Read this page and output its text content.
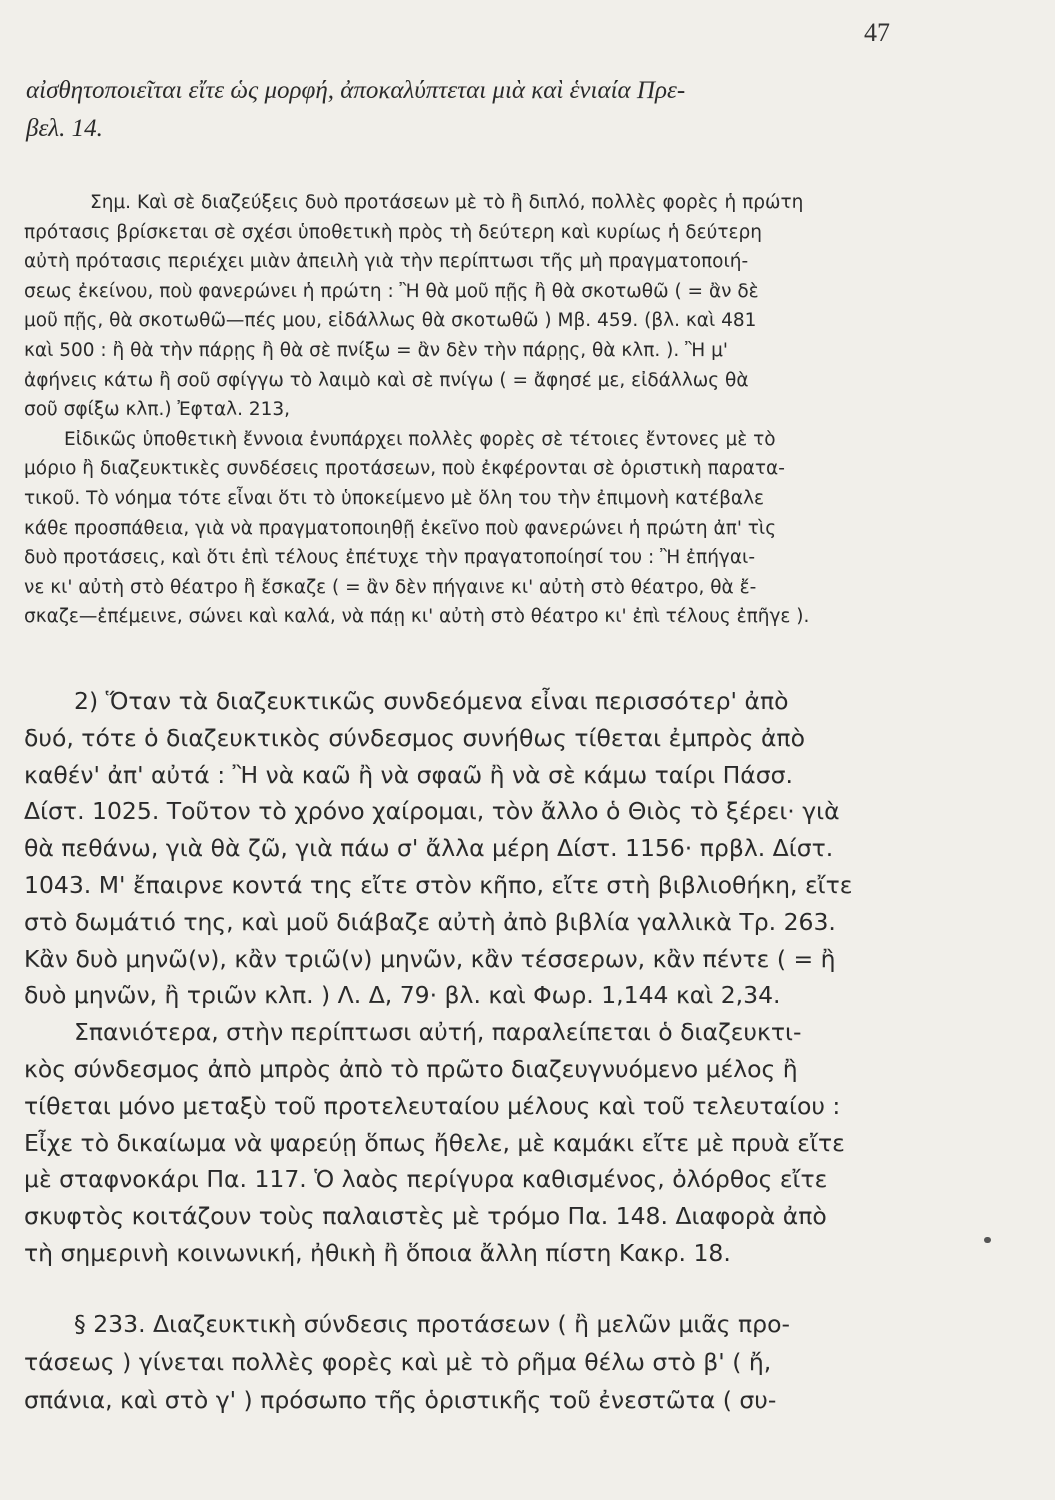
47
αἰσθητοποιεῖται εἴτε ὡς μορφή, ἀποκαλύπτεται μιὰ καὶ ἑνιαία Πρε-
βελ. 14.
Σημ. Καὶ σὲ διαζεύξεις δυὸ προτάσεων μὲ τὸ ἢ διπλό, πολλὲς φορὲς ἡ πρώτη
πρότασις βρίσκεται σὲ σχέσι ὑποθετικὴ πρὸς τὴ δεύτερη καὶ κυρίως ἡ δεύτερη
αὐτὴ πρότασις περιέχει μιὰν ἀπειλὴ γιὰ τὴν περίπτωσι τῆς μὴ πραγματοποιή-
σεως ἐκείνου, ποὺ φανερώνει ἡ πρώτη : Ἢ θὰ μοῦ πῇς ἢ θὰ σκοτωθῶ ( = ἂν δὲ
μοῦ πῇς, θὰ σκοτωθῶ—πές μου, εἰδάλλως θὰ σκοτωθῶ ) Μβ. 459. (βλ. καὶ 481
καὶ 500 : ἢ θὰ τὴν πάρῃς ἢ θὰ σὲ πνίξω = ἂν δὲν τὴν πάρῃς, θὰ κλπ. ). Ἢ μ'
ἀφήνεις κάτω ἢ σοῦ σφίγγω τὸ λαιμὸ καὶ σὲ πνίγω ( = ἄφησέ με, εἰδάλλως θὰ
σοῦ σφίξω κλπ.) Ἐφταλ. 213,
Εἰδικῶς ὑποθετικὴ ἔννοια ἐνυπάρχει πολλὲς φορὲς σὲ τέτοιες ἔντονες μὲ τὸ
μόριο ἢ διαζευκτικὲς συνδέσεις προτάσεων, ποὺ ἐκφέρονται σὲ ὁριστικὴ παρατα-
τικοῦ. Τὸ νόημα τότε εἶναι ὅτι τὸ ὑποκείμενο μὲ ὅλη του τὴν ἐπιμονὴ κατέβαλε
κάθε προσπάθεια, γιὰ νὰ πραγματοποιηθῇ ἐκεῖνο ποὺ φανερώνει ἡ πρώτη ἀπ' τὶς
δυὸ προτάσεις, καὶ ὅτι ἐπὶ τέλους ἐπέτυχε τὴν πραγατοποίησί του : Ἢ ἐπήγαι-
νε κι' αὐτὴ στὸ θέατρο ἢ ἔσκαζε ( = ἂν δὲν πήγαινε κι' αὐτὴ στὸ θέατρο, θὰ ἔ-
σκαζε—ἐπέμεινε, σώνει καὶ καλά, νὰ πάῃ κι' αὐτὴ στὸ θέατρο κι' ἐπὶ τέλους ἐπῆγε ).
2) Ὅταν τὰ διαζευκτικῶς συνδεόμενα εἶναι περισσότερ' ἀπὸ
δυό, τότε ὁ διαζευκτικὸς σύνδεσμος συνήθως τίθεται ἐμπρὸς ἀπὸ
καθέν' ἀπ' αὐτά : Ἢ νὰ καῶ ἢ νὰ σφαῶ ἢ νὰ σὲ κάμω ταίρι Πάσσ.
Δίστ. 1025. Τοῦτον τὸ χρόνο χαίρομαι, τὸν ἄλλο ὁ Θιὸς τὸ ξέρει· γιὰ
θὰ πεθάνω, γιὰ θὰ ζῶ, γιὰ πάω σ' ἄλλα μέρη Δίστ. 1156· πρβλ. Δίστ.
1043. Μ' ἔπαιρνε κοντά της εἴτε στὸν κῆπο, εἴτε στὴ βιβλιοθήκη, εἴτε
στὸ δωμάτιό της, καὶ μοῦ διάβαζε αὐτὴ ἀπὸ βιβλία γαλλικὰ Τρ. 263.
Κἂν δυὸ μηνῶ(ν), κἂν τριῶ(ν) μηνῶν, κἂν τέσσερων, κἂν πέντε ( = ἢ
δυὸ μηνῶν, ἢ τριῶν κλπ. ) Λ. Δ, 79· βλ. καὶ Φωρ. 1,144 καὶ 2,34.
Σπανιότερα, στὴν περίπτωσι αὐτή, παραλείπεται ὁ διαζευκτι-
κὸς σύνδεσμος ἀπὸ μπρὸς ἀπὸ τὸ πρῶτο διαζευγνυόμενο μέλος ἢ
τίθεται μόνο μεταξὺ τοῦ προτελευταίου μέλους καὶ τοῦ τελευταίου :
Εἶχε τὸ δικαίωμα νὰ ψαρεύῃ ὅπως ἤθελε, μὲ καμάκι εἴτε μὲ πρυὰ εἴτε
μὲ σταφνοκάρι Πα. 117. Ὁ λαὸς περίγυρα καθισμένος, ὀλόρθος εἴτε
σκυφτὸς κοιτάζουν τοὺς παλαιστὲς μὲ τρόμο Πα. 148. Διαφορὰ ἀπὸ
τὴ σημερινὴ κοινωνική, ἠθικὴ ἢ ὅποια ἄλλη πίστη Κακρ. 18.
§ 233. Διαζευκτικὴ σύνδεσις προτάσεων ( ἢ μελῶν μιᾶς προ-
τάσεως ) γίνεται πολλὲς φορὲς καὶ μὲ τὸ ρῆμα θέλω στὸ β' ( ἤ,
σπάνια, καὶ στὸ γ' ) πρόσωπο τῆς ὁριστικῆς τοῦ ἐνεστῶτα ( συ-
